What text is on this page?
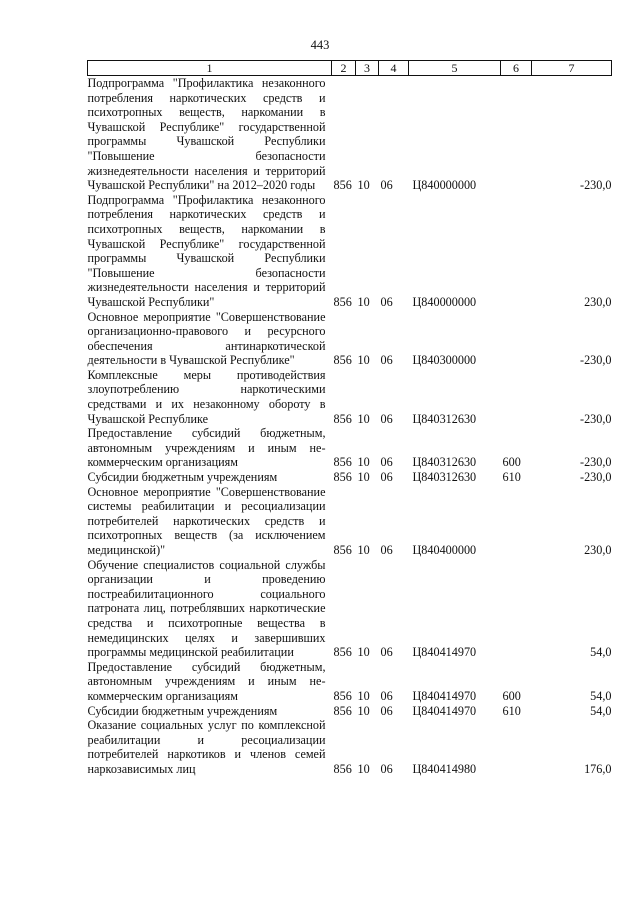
443
1	2	3	4	5	6	7
Подпрограмма "Профилактика незаконного потребления наркотических средств и психотропных веществ, наркомании в Чувашской Республике" государственной программы Чувашской Республики "Повышение безопасности жизнедеятельности населения и территорий Чувашской Республики" на 2012–2020 годы	856	10	06	Ц840000000		-230,0
Подпрограмма "Профилактика незаконного потребления наркотических средств и психотропных веществ, наркомании в Чувашской Республике" государственной программы Чувашской Республики "Повышение безопасности жизнедеятельности населения и территорий Чувашской Республики"	856	10	06	Ц840000000		230,0
Основное мероприятие "Совершенствование организационно-правового и ресурсного обеспечения антинаркотической деятельности в Чувашской Республике"	856	10	06	Ц840300000		-230,0
Комплексные меры противодействия злоупотреблению наркотическими средствами и их незаконному обороту в Чувашской Республике	856	10	06	Ц840312630		-230,0
Предоставление субсидий бюджетным, автономным учреждениям и иным некоммерческим организациям	856	10	06	Ц840312630	600	-230,0
Субсидии бюджетным учреждениям	856	10	06	Ц840312630	610	-230,0
Основное мероприятие "Совершенствование системы реабилитации и ресоциализации потребителей наркотических средств и психотропных веществ (за исключением медицинской)"	856	10	06	Ц840400000		230,0
Обучение специалистов социальной службы организации и проведению постреабилитационного социального патроната лиц, потреблявших наркотические средства и психотропные вещества в немедицинских целях и завершивших программы медицинской реабилитации	856	10	06	Ц840414970		54,0
Предоставление субсидий бюджетным, автономным учреждениям и иным некоммерческим организациям	856	10	06	Ц840414970	600	54,0
Субсидии бюджетным учреждениям	856	10	06	Ц840414970	610	54,0
Оказание социальных услуг по комплексной реабилитации и ресоциализации потребителей наркотиков и членов семей наркозависимых лиц	856	10	06	Ц840414980		176,0
